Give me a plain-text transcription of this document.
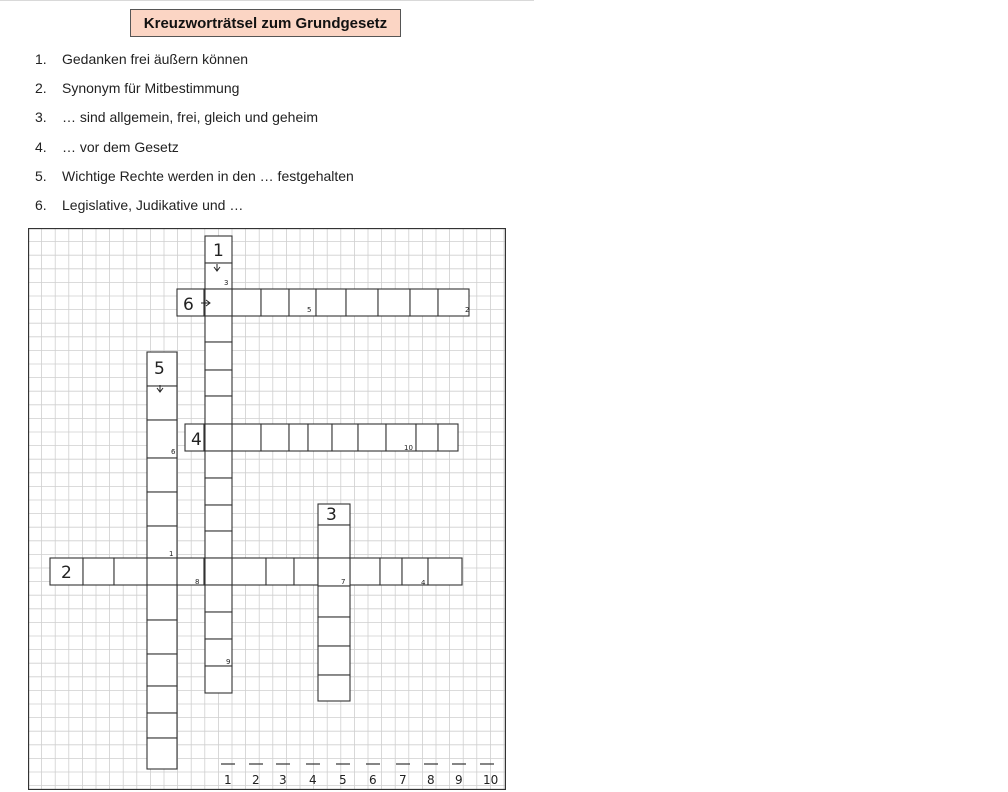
Kreuzworträtsel zum Grundgesetz
1. Gedanken frei äußern können
2. Synonym für Mitbestimmung
3. … sind allgemein, frei, gleich und geheim
4. … vor dem Gesetz
5. Wichtige Rechte werden in den … festgehalten
6. Legislative, Judikative und …
1
2
3
4
5
6
1
2
3
4
5
6
7
8
9
10
1 2 3 4 5 6 7 8 9 10
